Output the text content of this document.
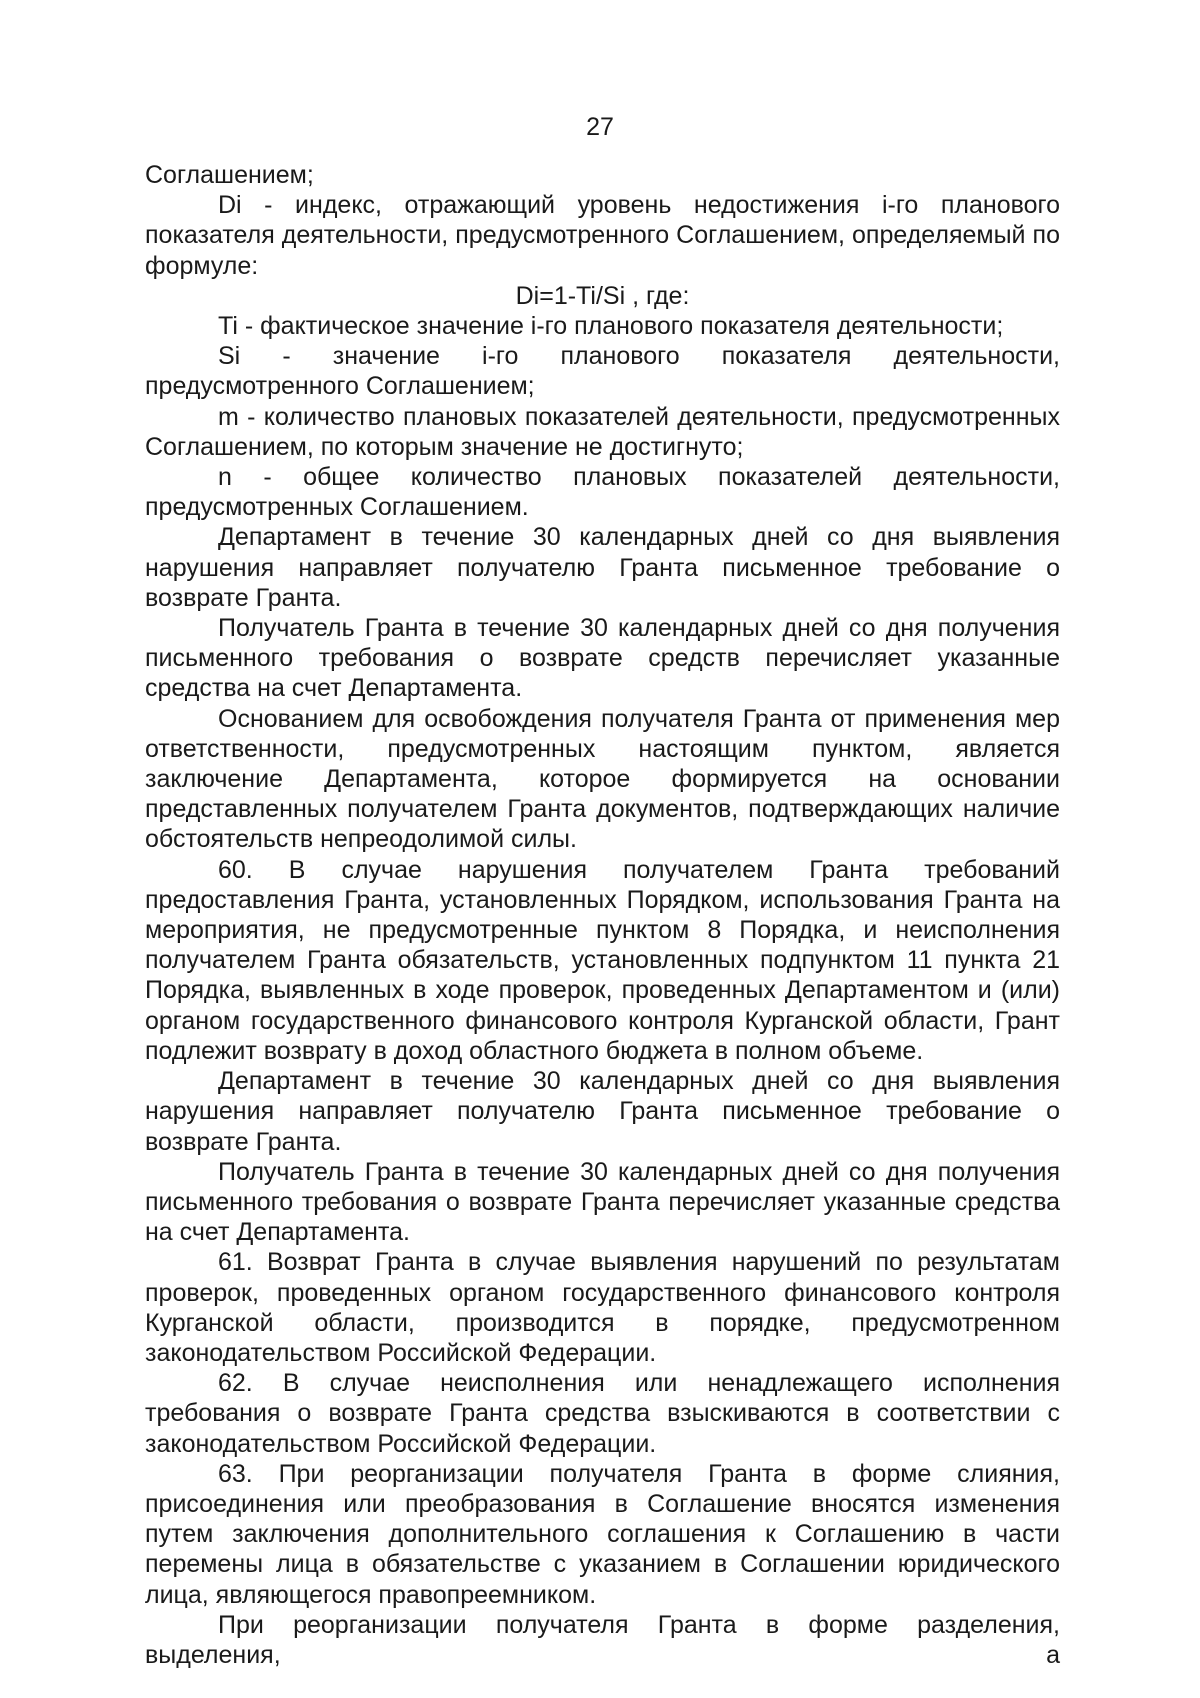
27

Соглашением;

Di - индекс, отражающий уровень недостижения i-го планового показателя деятельности, предусмотренного Соглашением, определяемый по формуле:

Di=1-Ti/Si , где:

Ti - фактическое значение i-го планового показателя деятельности;

Si - значение i-го планового показателя деятельности, предусмотренного Соглашением;

m - количество плановых показателей деятельности, предусмотренных Соглашением, по которым значение не достигнуто;

n - общее количество плановых показателей деятельности, предусмотренных Соглашением.

Департамент в течение 30 календарных дней со дня выявления нарушения направляет получателю Гранта письменное требование о возврате Гранта.

Получатель Гранта в течение 30 календарных дней со дня получения письменного требования о возврате средств перечисляет указанные средства на счет Департамента.

Основанием для освобождения получателя Гранта от применения мер ответственности, предусмотренных настоящим пунктом, является заключение Департамента, которое формируется на основании представленных получателем Гранта документов, подтверждающих наличие обстоятельств непреодолимой силы.

60. В случае нарушения получателем Гранта требований предоставления Гранта, установленных Порядком, использования Гранта на мероприятия, не предусмотренные пунктом 8 Порядка, и неисполнения получателем Гранта обязательств, установленных подпунктом 11 пункта 21 Порядка, выявленных в ходе проверок, проведенных Департаментом и (или) органом государственного финансового контроля Курганской области, Грант подлежит возврату в доход областного бюджета в полном объеме.

Департамент в течение 30 календарных дней со дня выявления нарушения направляет получателю Гранта письменное требование о возврате Гранта.

Получатель Гранта в течение 30 календарных дней со дня получения письменного требования о возврате Гранта перечисляет указанные средства на счет Департамента.

61. Возврат Гранта в случае выявления нарушений по результатам проверок, проведенных органом государственного финансового контроля Курганской области, производится в порядке, предусмотренном законодательством Российской Федерации.

62. В случае неисполнения или ненадлежащего исполнения требования о возврате Гранта средства взыскиваются в соответствии с законодательством Российской Федерации.

63. При реорганизации получателя Гранта в форме слияния, присоединения или преобразования в Соглашение вносятся изменения путем заключения дополнительного соглашения к Соглашению в части перемены лица в обязательстве с указанием в Соглашении юридического лица, являющегося правопреемником.

При реорганизации получателя Гранта в форме разделения, выделения, а
